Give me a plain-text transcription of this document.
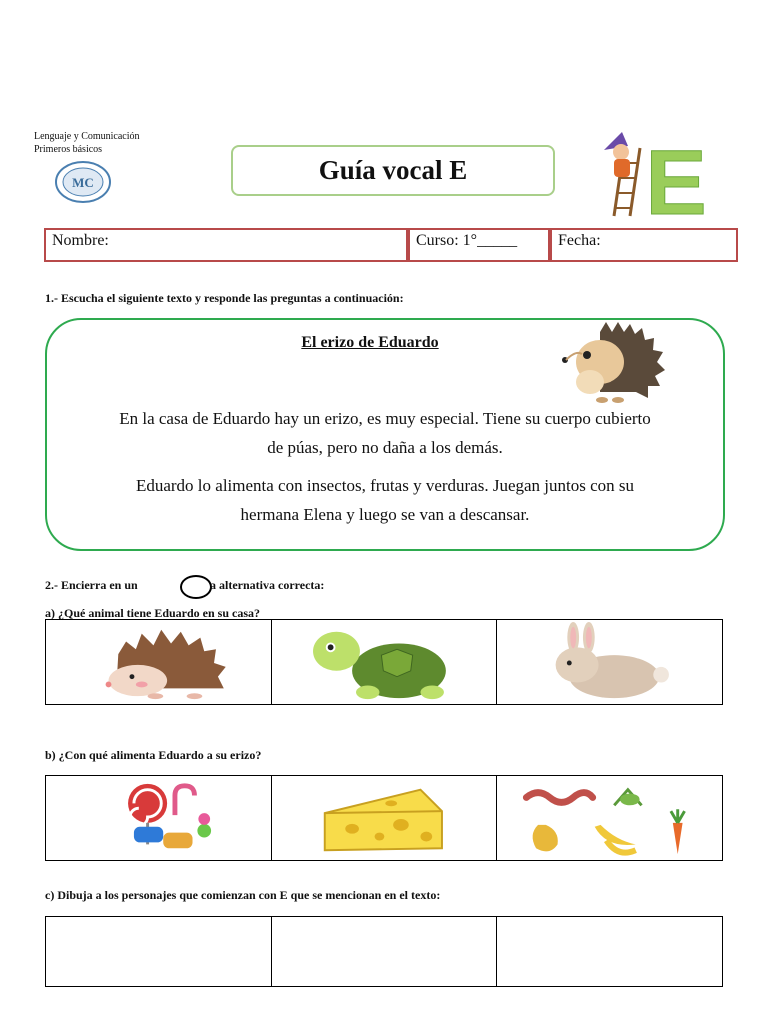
Lenguaje y Comunicación
Primeros básicos
MC	Guía vocal E	E
Nombre:	Curso: 1°_____	Fecha:
1.- Escucha el siguiente texto y responde las preguntas a continuación:
El erizo de Eduardo
En la casa de Eduardo hay un erizo, es muy especial. Tiene su cuerpo cubierto
de púas, pero no daña a los demás.
Eduardo lo alimenta con insectos, frutas y verduras. Juegan juntos con su
hermana Elena y luego se van a descansar.
2.- Encierra en un	a alternativa correcta:
a) ¿Qué animal tiene Eduardo en su casa?
b) ¿Con qué alimenta Eduardo a su erizo?
c) Dibuja a los personajes que comienzan con E que se mencionan en el texto:
